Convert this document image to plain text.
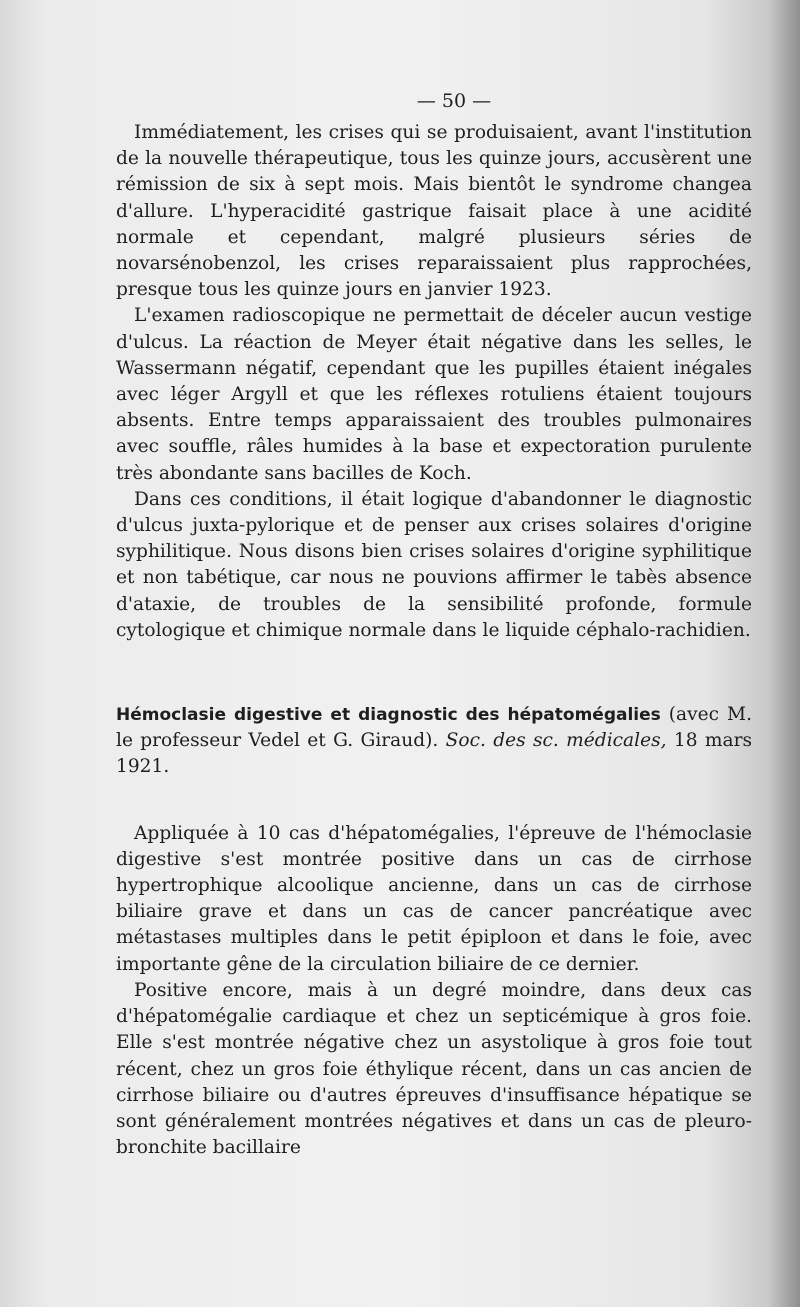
— 50 —

Immédiatement, les crises qui se produisaient, avant l'institution de la nouvelle thérapeutique, tous les quinze jours, accusèrent une rémission de six à sept mois. Mais bientôt le syndrome changea d'allure. L'hyperacidité gastrique faisait place à une acidité normale et cependant, malgré plusieurs séries de novarsénobenzol, les crises reparaissaient plus rapprochées, presque tous les quinze jours en janvier 1923.

L'examen radioscopique ne permettait de déceler aucun vestige d'ulcus. La réaction de Meyer était négative dans les selles, le Wassermann négatif, cependant que les pupilles étaient inégales avec léger Argyll et que les réflexes rotuliens étaient toujours absents. Entre temps apparaissaient des troubles pulmonaires avec souffle, râles humides à la base et expectoration purulente très abondante sans bacilles de Koch.

Dans ces conditions, il était logique d'abandonner le diagnostic d'ulcus juxta-pylorique et de penser aux crises solaires d'origine syphilitique. Nous disons bien crises solaires d'origine syphilitique et non tabétique, car nous ne pouvions affirmer le tabès absence d'ataxie, de troubles de la sensibilité profonde, formule cytologique et chimique normale dans le liquide céphalo-rachidien.

Hémoclasie digestive et diagnostic des hépatomégalies (avec M. le professeur Vedel et G. Giraud). Soc. des sc. médicales, 18 mars 1921.

Appliquée à 10 cas d'hépatomégalies, l'épreuve de l'hémoclasie digestive s'est montrée positive dans un cas de cirrhose hypertrophique alcoolique ancienne, dans un cas de cirrhose biliaire grave et dans un cas de cancer pancréatique avec métastases multiples dans le petit épiploon et dans le foie, avec importante gêne de la circulation biliaire de ce dernier.

Positive encore, mais à un degré moindre, dans deux cas d'hépatomégalie cardiaque et chez un septicémique à gros foie. Elle s'est montrée négative chez un asystolique à gros foie tout récent, chez un gros foie éthylique récent, dans un cas ancien de cirrhose biliaire ou d'autres épreuves d'insuffisance hépatique se sont généralement montrées négatives et dans un cas de pleuro-bronchite bacillaire
